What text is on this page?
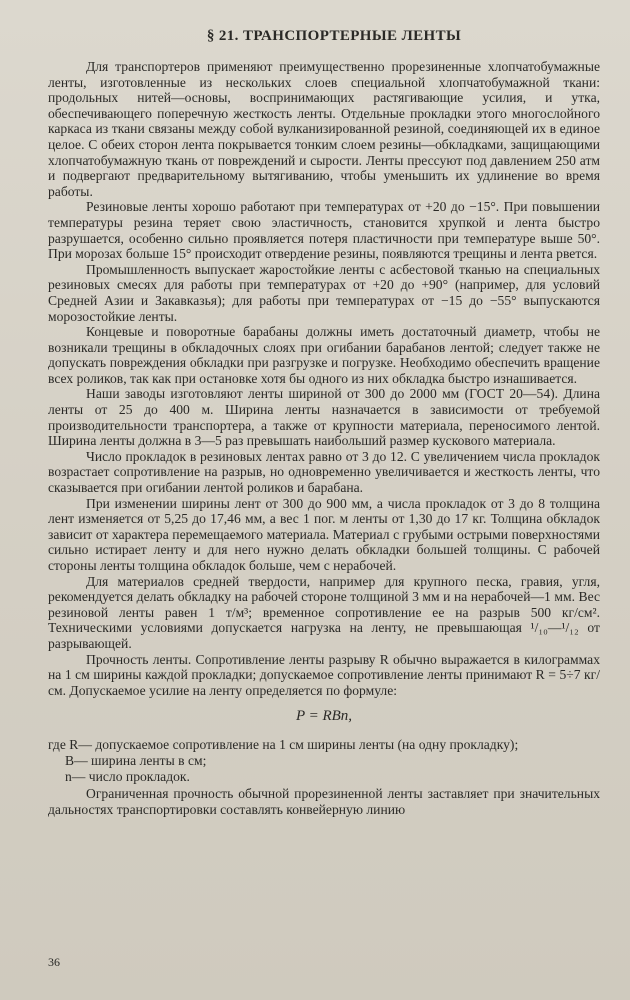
§ 21. ТРАНСПОРТЕРНЫЕ ЛЕНТЫ

Для транспортеров применяют преимущественно прорезиненные хлопчатобумажные ленты, изготовленные из нескольких слоев специальной хлопчатобумажной ткани: продольных нитей—основы, воспринимающих растягивающие усилия, и утка, обеспечивающего поперечную жесткость ленты. Отдельные прокладки этого многослойного каркаса из ткани связаны между собой вулканизированной резиной, соединяющей их в единое целое. С обеих сторон лента покрывается тонким слоем резины—обкладками, защищающими хлопчатобумажную ткань от повреждений и сырости. Ленты прессуют под давлением 250 атм и подвергают предварительному вытягиванию, чтобы уменьшить их удлинение во время работы.

Резиновые ленты хорошо работают при температурах от +20 до −15°. При повышении температуры резина теряет свою эластичность, становится хрупкой и лента быстро разрушается, особенно сильно проявляется потеря пластичности при температуре выше 50°. При морозах больше 15° происходит отвердение резины, появляются трещины и лента рвется.

Промышленность выпускает жаростойкие ленты с асбестовой тканью на специальных резиновых смесях для работы при температурах от +20 до +90° (например, для условий Средней Азии и Закавказья); для работы при температурах от −15 до −55° выпускаются морозостойкие ленты.

Концевые и поворотные барабаны должны иметь достаточный диаметр, чтобы не возникали трещины в обкладочных слоях при огибании барабанов лентой; следует также не допускать повреждения обкладки при разгрузке и погрузке. Необходимо обеспечить вращение всех роликов, так как при остановке хотя бы одного из них обкладка быстро изнашивается.

Наши заводы изготовляют ленты шириной от 300 до 2000 мм (ГОСТ 20—54). Длина ленты от 25 до 400 м. Ширина ленты назначается в зависимости от требуемой производительности транспортера, а также от крупности материала, переносимого лентой. Ширина ленты должна в 3—5 раз превышать наибольший размер кускового материала.

Число прокладок в резиновых лентах равно от 3 до 12. С увеличением числа прокладок возрастает сопротивление на разрыв, но одновременно увеличивается и жесткость ленты, что сказывается при огибании лентой роликов и барабана.

При изменении ширины лент от 300 до 900 мм, а числа прокладок от 3 до 8 толщина лент изменяется от 5,25 до 17,46 мм, а вес 1 пог. м ленты от 1,30 до 17 кг. Толщина обкладок зависит от характера перемещаемого материала. Материал с грубыми острыми поверхностями сильно истирает ленту и для него нужно делать обкладки большей толщины. С рабочей стороны ленты толщина обкладок больше, чем с нерабочей.

Для материалов средней твердости, например для крупного песка, гравия, угля, рекомендуется делать обкладку на рабочей стороне толщиной 3 мм и на нерабочей—1 мм. Вес резиновой ленты равен 1 т/м³; временное сопротивление ее на разрыв 500 кг/см². Техническими условиями допускается нагрузка на ленту, не превышающая ¹/₁₀—¹/₁₂ от разрывающей.

Прочность ленты. Сопротивление ленты разрыву R обычно выражается в килограммах на 1 см ширины каждой прокладки; допускаемое сопротивление ленты принимают R = 5÷7 кг/см. Допускаемое усилие на ленту определяется по формуле:

P = RBn,
где R — допускаемое сопротивление на 1 см ширины ленты (на одну прокладку);
B — ширина ленты в см;
n — число прокладок.

Ограниченная прочность обычной прорезиненной ленты заставляет при значительных дальностях транспортировки составлять конвейерную линию

36
